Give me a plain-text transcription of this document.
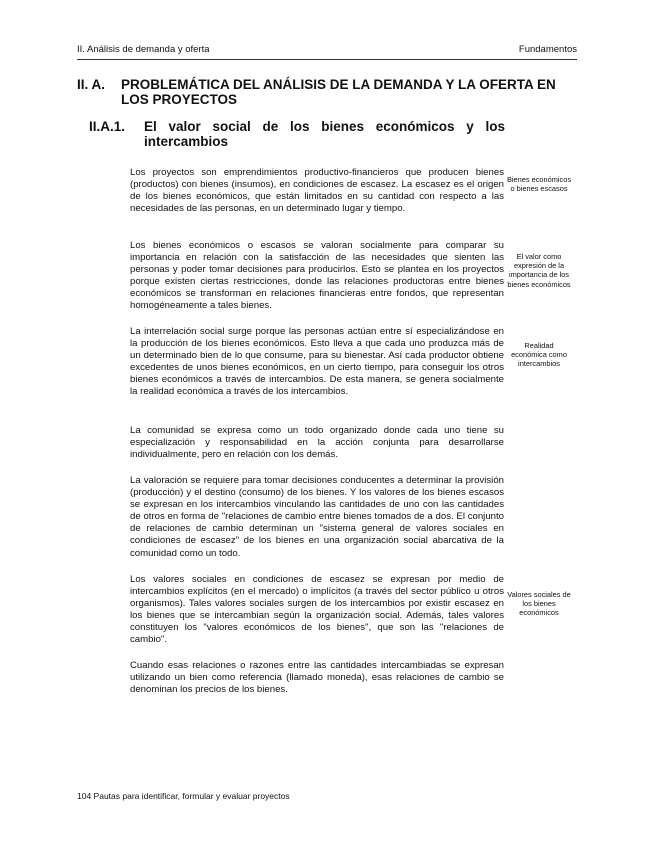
II. Análisis de demanda y oferta	Fundamentos
II. A.	PROBLEMÁTICA DEL ANÁLISIS DE LA DEMANDA Y LA OFERTA EN LOS PROYECTOS
II.A.1.	El valor social de los bienes económicos y los intercambios

Los proyectos son emprendimientos productivo-financieros que producen bienes (productos) con bienes (insumos), en condiciones de escasez. La escasez es el origen de los bienes económicos, que están limitados en su cantidad con respecto a las necesidades de las personas, en un determinado lugar y tiempo.

Los bienes económicos o escasos se valoran socialmente para comparar su importancia en relación con la satisfacción de las necesidades que sienten las personas y poder tomar decisiones para producirlos. Esto se plantea en los proyectos porque existen ciertas restricciones, donde las relaciones productoras entre bienes económicos se transforman en relaciones financieras entre fondos, que representan homogéneamente a tales bienes.

La interrelación social surge porque las personas actúan entre sí especializándose en la producción de los bienes económicos. Esto lleva a que cada uno produzca más de un determinado bien de lo que consume, para su bienestar. Así cada productor obtiene excedentes de unos bienes económicos, en un cierto tiempo, para conseguir los otros bienes económicos a través de intercambios. De esta manera, se genera socialmente la realidad económica a través de los intercambios.

La comunidad se expresa como un todo organizado donde cada uno tiene su especialización y responsabilidad en la acción conjunta para desarrollarse individualmente, pero en relación con los demás.

La valoración se requiere para tomar decisiones conducentes a determinar la provisión (producción) y el destino (consumo) de los bienes. Y los valores de los bienes escasos se expresan en los intercambios vinculando las cantidades de uno con las cantidades de otros en forma de "relaciones de cambio entre bienes tomados de a dos. El conjunto de relaciones de cambio determinan un "sistema general de valores sociales en condiciones de escasez" de los bienes en una organización social abarcativa de la comunidad como un todo.

Los valores sociales en condiciones de escasez se expresan por medio de intercambios explícitos (en el mercado) o implícitos (a través del sector público u otros organismos). Tales valores sociales surgen de los intercambios por existir escasez en los bienes que se intercambian según la organización social. Además, tales valores constituyen los "valores económicos de los bienes", que son las "relaciones de cambio".

Cuando esas relaciones o razones entre las cantidades intercambiadas se expresan utilizando un bien como referencia (llamado moneda), esas relaciones de cambio se denominan los precios de los bienes.

Bienes económicos o bienes escasos
El valor como expresión de la importancia de los bienes económicos
Realidad económica como intercambios
Valores sociales de los bienes económicos
104 Pautas para identificar, formular y evaluar proyectos
